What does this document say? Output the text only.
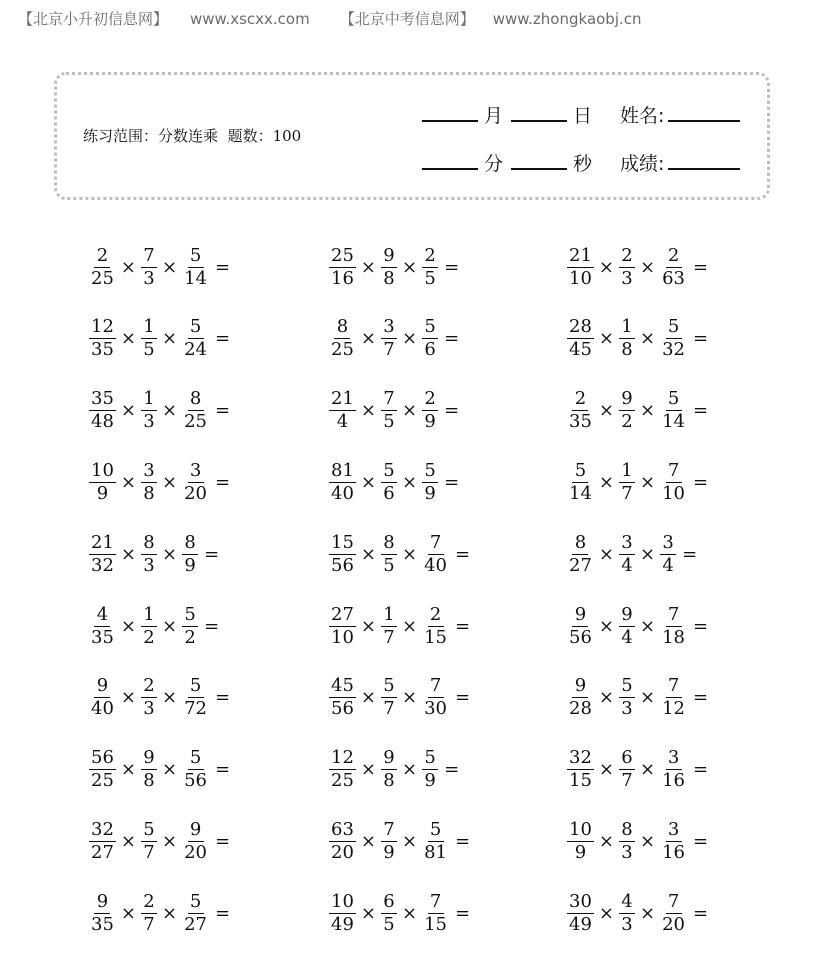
【北京小升初信息网】 www.xscxx.com 【北京中考信息网】 www.zhongkaobj.cn
练习范围：分数连乘 题数：100
月	日 姓名:
分	秒 成绩:
$\frac{2}{25} \times \frac{7}{3} \times \frac{5}{14}$ =	$\frac{25}{16} \times \frac{9}{8} \times \frac{2}{5}$ =	$\frac{21}{10} \times \frac{2}{3} \times \frac{2}{63}$ =
$\frac{12}{35} \times \frac{1}{5} \times \frac{5}{24}$ =	$\frac{8}{25} \times \frac{3}{7} \times \frac{5}{6}$ =	$\frac{28}{45} \times \frac{1}{8} \times \frac{5}{32}$ =
$\frac{35}{48} \times \frac{1}{3} \times \frac{8}{25}$ =	$\frac{21}{4} \times \frac{7}{5} \times \frac{2}{9}$ =	$\frac{2}{35} \times \frac{9}{2} \times \frac{5}{14}$ =
$\frac{10}{9} \times \frac{3}{8} \times \frac{3}{20}$ =	$\frac{81}{40} \times \frac{5}{6} \times \frac{5}{9}$ =	$\frac{5}{14} \times \frac{1}{7} \times \frac{7}{10}$ =
$\frac{21}{32} \times \frac{8}{3} \times \frac{8}{9}$ =	$\frac{15}{56} \times \frac{8}{5} \times \frac{7}{40}$ =	$\frac{8}{27} \times \frac{3}{4} \times \frac{3}{4}$ =
$\frac{4}{35} \times \frac{1}{2} \times \frac{5}{2}$ =	$\frac{27}{10} \times \frac{1}{7} \times \frac{2}{15}$ =	$\frac{9}{56} \times \frac{9}{4} \times \frac{7}{18}$ =
$\frac{9}{40} \times \frac{2}{3} \times \frac{5}{72}$ =	$\frac{45}{56} \times \frac{5}{7} \times \frac{7}{30}$ =	$\frac{9}{28} \times \frac{5}{3} \times \frac{7}{12}$ =
$\frac{56}{25} \times \frac{9}{8} \times \frac{5}{56}$ =	$\frac{12}{25} \times \frac{9}{8} \times \frac{5}{9}$ =	$\frac{32}{15} \times \frac{6}{7} \times \frac{3}{16}$ =
$\frac{32}{27} \times \frac{5}{7} \times \frac{9}{20}$ =	$\frac{63}{20} \times \frac{7}{9} \times \frac{5}{81}$ =	$\frac{10}{9} \times \frac{8}{3} \times \frac{3}{16}$ =
$\frac{9}{35} \times \frac{2}{7} \times \frac{5}{27}$ =	$\frac{10}{49} \times \frac{6}{5} \times \frac{7}{15}$ =	$\frac{30}{49} \times \frac{4}{3} \times \frac{7}{20}$ =
